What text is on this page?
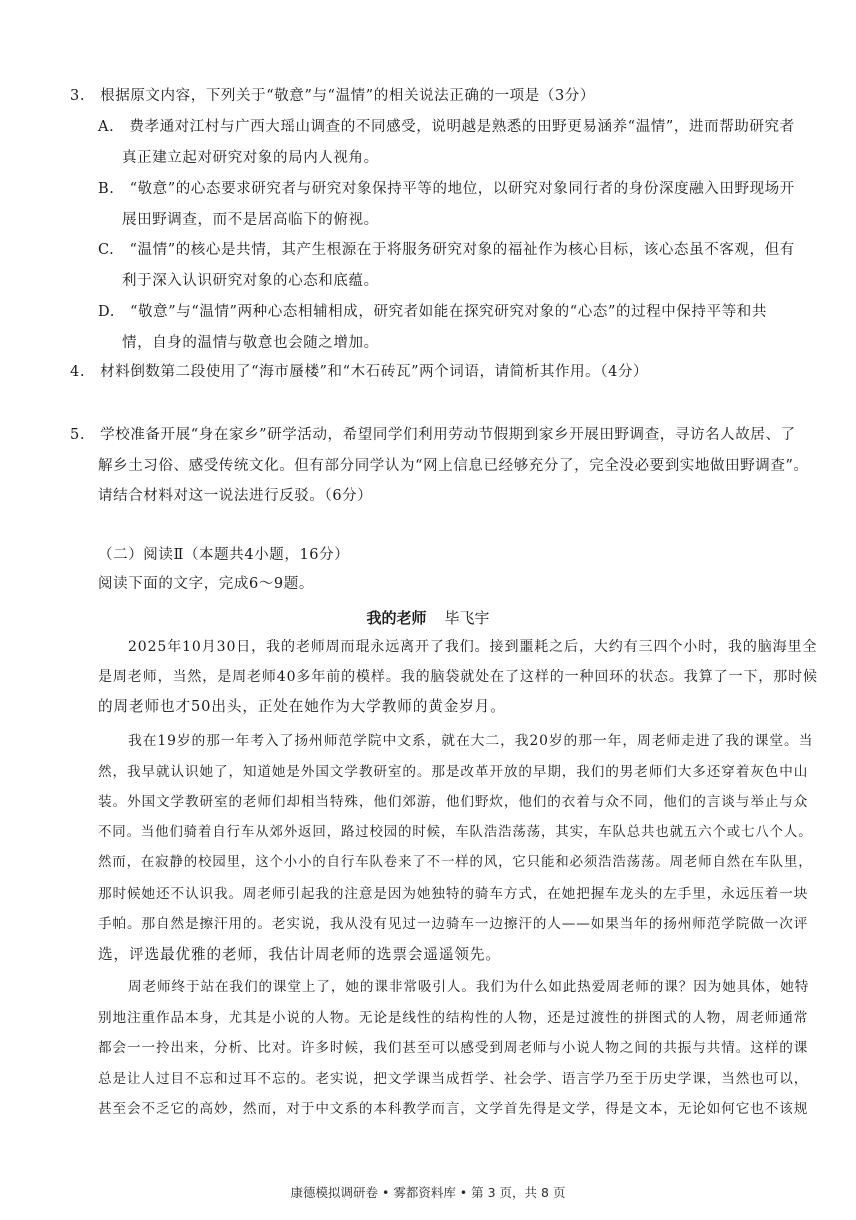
3.　根据原文内容，下列关于“敬意”与“温情”的相关说法正确的一项是（3分）
A.　费孝通对江村与广西大瑶山调查的不同感受，说明越是熟悉的田野更易涵养“温情”，进而帮助研究者
真正建立起对研究对象的局内人视角。
B.　“敬意”的心态要求研究者与研究对象保持平等的地位，以研究对象同行者的身份深度融入田野现场开
展田野调查，而不是居高临下的俯视。
C.　“温情”的核心是共情，其产生根源在于将服务研究对象的福祉作为核心目标，该心态虽不客观，但有
利于深入认识研究对象的心态和底蕴。
D.　“敬意”与“温情”两种心态相辅相成，研究者如能在探究研究对象的“心态”的过程中保持平等和共
情，自身的温情与敬意也会随之增加。
4.　材料倒数第二段使用了“海市蜃楼”和“木石砖瓦”两个词语，请简析其作用。（4分）
5.　学校准备开展“身在家乡”研学活动，希望同学们利用劳动节假期到家乡开展田野调查，寻访名人故居、了
解乡土习俗、感受传统文化。但有部分同学认为“网上信息已经够充分了，完全没必要到实地做田野调查”。
请结合材料对这一说法进行反驳。（6分）
（二）阅读Ⅱ（本题共4小题，16分）
阅读下面的文字，完成6～9题。
我的老师 毕飞宇
2025年10月30日，我的老师周而琨永远离开了我们。接到噩耗之后，大约有三四个小时，我的脑海里全
是周老师，当然，是周老师40多年前的模样。我的脑袋就处在了这样的一种回环的状态。我算了一下，那时候
的周老师也才50出头，正处在她作为大学教师的黄金岁月。
我在19岁的那一年考入了扬州师范学院中文系，就在大二，我20岁的那一年，周老师走进了我的课堂。当
然，我早就认识她了，知道她是外国文学教研室的。那是改革开放的早期，我们的男老师们大多还穿着灰色中山
装。外国文学教研室的老师们却相当特殊，他们郊游，他们野炊，他们的衣着与众不同，他们的言谈与举止与众
不同。当他们骑着自行车从郊外返回，路过校园的时候，车队浩浩荡荡，其实，车队总共也就五六个或七八个人。
然而，在寂静的校园里，这个小小的自行车队卷来了不一样的风，它只能和必须浩浩荡荡。周老师自然在车队里，
那时候她还不认识我。周老师引起我的注意是因为她独特的骑车方式，在她把握车龙头的左手里，永远压着一块
手帕。那自然是擦汗用的。老实说，我从没有见过一边骑车一边擦汗的人——如果当年的扬州师范学院做一次评
选，评选最优雅的老师，我估计周老师的选票会遥遥领先。
周老师终于站在我们的课堂上了，她的课非常吸引人。我们为什么如此热爱周老师的课？因为她具体，她特
别地注重作品本身，尤其是小说的人物。无论是线性的结构性的人物，还是过渡性的拼图式的人物，周老师通常
都会一一拎出来，分析、比对。许多时候，我们甚至可以感受到周老师与小说人物之间的共振与共情。这样的课
总是让人过目不忘和过耳不忘的。老实说，把文学课当成哲学、社会学、语言学乃至于历史学课，当然也可以，
甚至会不乏它的高妙，然而，对于中文系的本科教学而言，文学首先得是文学，得是文本，无论如何它也不该规
康德模拟调研卷 • 雾都资料库 • 第 3 页，共 8 页
